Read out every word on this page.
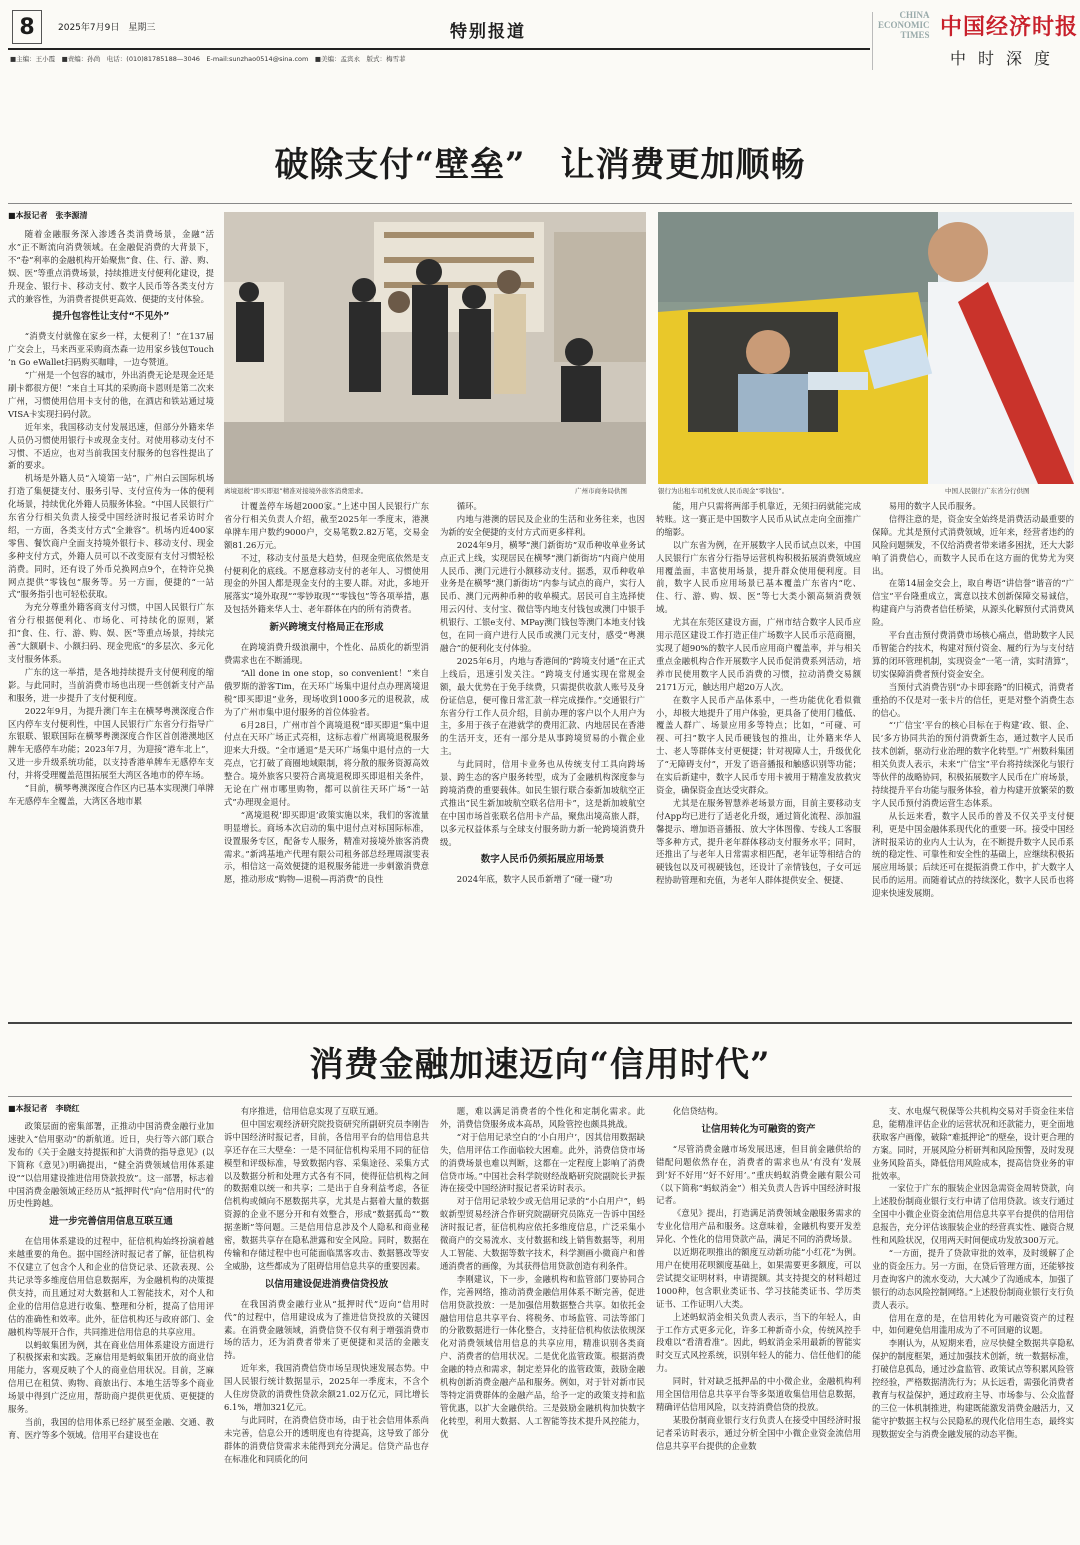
8	2025年7月9日　星期三	特别报道
■主编：王小霞　■责编：孙尚　电话：(010)81785188—3046　E-mail:sunzhao0514@sina.com　■美编：孟宾永　版式：梅雪菲
CHINA
ECONOMIC
TIMES 中国经济时报
中时深度
破除支付“壁垒”　让消费更加顺畅
■本报记者　张李源清
离境退税“即买即退”精准对接境外旅客消费需求。	广州市商务局供图	银行为出租车司机发放人民币现金“零钱包”。	中国人民银行广东省分行供图

随着金融服务深入渗透各类消费场景，金融“活水”正不断流向消费领域。在金融促消费的大背景下，不“卷”利率的金融机构开始聚焦“食、住、行、游、购、娱、医”等重点消费场景，持续推进支付便利化建设，提升现金、银行卡、移动支付、数字人民币等各类支付方式的兼容性，为消费者提供更高效、便捷的支付体验。

提升包容性让支付“不见外”

“消费支付就像在家乡一样，太便利了！”在137届广交会上，马来西亚采购商杰森一边用家乡钱包Touch ’n Go eWallet扫码购买咖啡，一边夸赞道。

“广州是一个包容的城市，外出消费无论是现金还是刷卡都很方便！”来自土耳其的采购商卡恩则是第二次来广州，习惯使用信用卡支付的他，在酒店和铁站通过境VISA卡实现扫码付款。

近年来，我国移动支付发展迅速，但部分外籍来华人员仍习惯使用银行卡或现金支付。对使用移动支付不习惯、不适应，也对当前我国支付服务的包容性提出了新的要求。

机场是外籍人员“入境第一站”，广州白云国际机场打造了集便捷支付、服务引导、支付宣传为一体的便利化场景，持续优化外籍人员服务体验。“中国人民银行广东省分行相关负责人接受中国经济时报记者采访时介绍，一方面，各类支付方式“全兼容”。机场内近400家零售、餐饮商户全面支持境外银行卡、移动支付、现金多种支付方式，外籍人员可以不改变原有支付习惯轻松消费。同时，还有设了外币兑换网点9个，在特许兑换网点提供“零钱包”服务等。另一方面，便捷的“一站式”服务指引也可轻松获取。

为充分尊重外籍客商支付习惯，中国人民银行广东省分行根据便利化、市场化、可持续化的原则，紧扣“食、住、行、游、购、娱、医”等重点场景，持续完善“大额刷卡、小额扫码、现金兜底”的多层次、多元化支付服务体系。

广东的这一举措，是各地持续提升支付便利度的缩影。与此同时，当前消费市场也出现一些创新支付产品和服务，进一步提升了支付便利度。

2022年9月，为提升澳门车主在横琴粤澳深度合作区内停车支付便利性，中国人民银行广东省分行指导广东银联、银联国际在横琴粤澳深度合作区首创港澳地区牌车无感停车功能；2023年7月，为迎接“港车北上”，又进一步升级系统功能，以支持香港单牌车无感停车支付，并将受理覆盖范围拓展至大湾区各地市的停车场。

“目前，横琴粤澳深度合作区内已基本实现澳门单牌车无感停车全覆盖，大湾区各地市累

计覆盖停车场超2000家。”上述中国人民银行广东省分行相关负责人介绍，截至2025年一季度末，港澳单牌车用户数约9000户，交易笔数2.82万笔，交易金额81.26万元。

不过，移动支付虽是大趋势，但现金兜底依然是支付便利化的底线。不愿意移动支付的老年人、习惯使用现金的外国人都是现金支付的主要人群。对此，多地开展落实“境外取现”“零钞取现”“零钱包”等各项举措，惠及包括外籍来华人士、老年群体在内的所有消费者。

新兴跨境支付格局正在形成

在跨境消费升级浪潮中，个性化、品质化的新型消费需求也在不断涌现。

“All done in one stop，so convenient！”来自俄罗斯的游客Tim，在天环广场集中退付点办理离境退税“即买即退”业务，现场收到1000多元的退税款，成为了广州市集中退付服务的首位体验者。

6月28日，广州市首个离境退税“即买即退”集中退付点在天环广场正式亮相，这标志着广州离境退税服务迎来大升级。“全市通退”是天环广场集中退付点的一大亮点，它打破了商圈地域限制，将分散的服务资源高效整合。境外旅客只要符合离境退税即买即退相关条件，无论在广州市哪里购物，都可以前往天环广场“一站式”办理现金退付。

“离境退税‘即买即退’政策实施以来，我们的客流量明显增长。商场本次启动的集中退付点对标国际标准，设置服务专区，配备专人服务，精准对接境外旅客消费需求。”新鸿基地产代理有限公司租务部总经理周淑雯表示，相信这一高效便捷的退税服务能进一步刺激消费意愿，推动形成“购物—退税—再消费”的良性

循环。

内地与港澳的居民及企业的生活和业务往来，也因为新的安全便捷的支付方式而更多样利。

2024年9月，横琴“澳门新街坊”双币种收单业务试点正式上线，实现居民在横琴“澳门新街坊”内商户使用人民币、澳门元进行小额移动支付。据悉，双币种收单业务是在横琴“澳门新街坊”内参与试点的商户，实行人民币、澳门元两种币种的收单模式。居民可自主选择使用云闪付、支付宝、微信等内地支付钱包或澳门中银手机银行、工银e支付、MPay澳门钱包等澳门本地支付钱包，在同一商户进行人民币或澳门元支付，感受“粤澳融合”的便利化支付体验。

2025年6月，内地与香港间的“跨境支付通”在正式上线后，迅速引发关注。“跨境支付通实现在常规金额，最大优势在于免手续费，只需提供收款人账号及身份证信息，便可像日常汇款一样完成操作。”交通银行广东省分行工作人员介绍，目前办理的客户以个人用户为主，多用于孩子在港就学的费用汇款、内地居民在香港的生活开支，还有一部分是从事跨境贸易的小微企业主。

与此同时，信用卡业务也从传统支付工具向跨场景、跨生态的客户服务转型，成为了金融机构深度参与跨境消费的重要载体。如民生银行联合泰新加坡航空正式推出“民生新加坡航空联名信用卡”，这是新加坡航空在中国市场首张联名信用卡产品，聚焦出境高旅人群，以多元权益体系与全球支付服务助力新一轮跨境消费升级。

数字人民币仍须拓展应用场景

2024年底，数字人民币新增了“碰一碰”功

能，用户只需将两部手机靠近，无须扫码就能完成转账。这一赛正是中国数字人民币从试点走向全面推广的缩影。

以广东省为例，在开展数字人民币试点以来，中国人民银行广东省分行指导运营机构积极拓展消费领域应用覆盖面，丰富使用场景，提升群众使用便利度。目前，数字人民币应用场景已基本覆盖广东省内“吃、住、行、游、购、娱、医”等七大类小额高频消费领域。

尤其在东莞区建设方面，广州市结合数字人民币应用示范区建设工作打造正佳广场数字人民币示范商圈，实现了超90%的数字人民币应用商户覆盖率，并与相关重点金融机构合作开展数字人民币促消费系列活动，培养市民使用数字人民币消费的习惯，拉动消费交易额2171万元，触达用户超20万人次。

在数字人民币产品体系中，一些功能优化看似微小，却极大地提升了用户体验，更具备了使用门槛低、覆盖人群广、场景应用多等特点；比如，“可碰、可视、可扫”数字人民币硬钱包的推出，让外籍来华人士、老人等群体支付更便捷；针对视障人士，升级优化了“无障碍支付”，开发了语音播报和触感识别等功能；在实后新建中，数字人民币专用卡被用于精准发放救灾资金，确保资金直达受灾群众。

尤其是在服务智慧养老场景方面，目前主要移动支付App均已进行了适老化升级，通过简化流程、添加温馨提示、增加语音播报、放大字体图像、专线人工客服等多种方式，提升老年群体移动支付服务水平；同时，还推出了与老年人日常需求相匹配，老年证等相结合的硬钱包以及可视硬钱包，还设计了亲情钱包，子女可远程协助管理和充值，为老年人群体提供安全、便捷、

易用的数字人民币服务。

信得注意的是，资金安全始终是消费活动最重要的保障。尤其是预付式消费领域，近年来，经营者违约的风险问题频发，不仅给消费者带来诸多困扰，还大大影响了消费信心，而数字人民币在这方面的优势尤为突出。

在第14届金交会上，取自粤语“讲信誉”谐音的“广信宝”平台隆重成立，寓意以技术创新保障交易诚信，构建商户与消费者信任桥梁，从源头化解预付式消费风险。

平台直击预付费消费市场核心痛点，借助数字人民币智能合约技术，构建对预付资金、履约行为与支付结算的闭环管理机制，实现资金“一笔一清，实时清算”，切实保障消费者预付资金安全。

当预付式消费告别“办卡即套路”的旧模式，消费者重拾的不仅是对一张卡片的信任，更是对整个消费生态的信心。

“‘广信宝’平台的核心目标在于构建‘政、银、企、民’多方协同共治的预付消费新生态，通过数字人民币技术创新，驱动行业治理的数字化转型。”广州数科集团相关负责人表示，未来“广信宝”平台将持续深化与银行等伙伴的战略协同，积极拓展数字人民币在广府场景，持续提升平台功能与服务体验，着力构建开放繁荣的数字人民币预付消费运营生态体系。

从长远来看，数字人民币的普及不仅关乎支付便利，更是中国金融体系现代化的重要一环。接受中国经济时报采访的业内人士认为，在不断提升数字人民币系统的稳定性、可靠性和安全性的基础上，应继续积极拓展应用场景；后续还可在提振消费工作中，扩大数字人民币的运用。而随着试点的持续深化，数字人民币也将迎来快速发展期。

消费金融加速迈向“信用时代”
■本报记者　李晓红

政策层面的密集部署，正推动中国消费金融行业加速驶入“信用驱动”的新航道。近日，央行等六部门联合发布的《关于金融支持提振和扩大消费的指导意见》(以下简称《意见》)明确提出，“健全消费领域信用体系建设”“以信用建设推进信用贷款投放”。这一部署，标志着中国消费金融领域正经历从“抵押时代”向“信用时代”的历史性跨越。

进一步完善信用信息互联互通

在信用体系建设的过程中，征信机构始终扮演着越来越重要的角色。据中国经济时报记者了解，征信机构不仅建立了包含个人和企业的信贷记录、还款表现、公共记录等多维度信用信息数据库，为金融机构的决策提供支持，而且通过对大数据和人工智能技术，对个人和企业的信用信息进行收集、整理和分析，提高了信用评估的准确性和效率。此外，征信机构还与政府部门、金融机构等展开合作，共同推进信用信息的共享应用。

以蚂蚁集团为例，其在商业信用体系建设方面进行了积极探索和实践。芝麻信用是蚂蚁集团开放的商业信用能力，客观反映了个人的商业信用状况。目前，芝麻信用已在租赁、购物、商旅出行、本地生活等多个商业场景中得到广泛应用，帮助商户提供更优质、更便捷的服务。

当前，我国的信用体系已经扩展至金融、交通、教育、医疗等多个领域。信用平台建设也在

有序推进，信用信息实现了互联互通。

但中国宏观经济研究院投资研究所副研究员李刚告诉中国经济时报记者，目前，各信用平台的信用信息共享还存在三大壁垒：一是不同征信机构采用不同的征信模型和评级标准，导致数据内容、采集途径、采集方式以及数据分析和处理方式各有不同，使得征信机构之间的数据难以统一和共享；二是出于自身利益考虑，各征信机构或倾向不愿数据共享，尤其是占据着大量的数据资源的企业不愿分开和有效整合，形成“数据孤岛”“数据垄断”等问题。三是信用信息涉及个人隐私和商业秘密，数据共享存在隐私泄露和安全风险。同时，数据在传输和存储过程中也可能面临黑客攻击、数据篡改等安全威胁，这些都成为了阻碍信用信息共享的重要因素。

以信用建设促进消费信贷投放

在我国消费金融行业从“抵押时代”迈向“信用时代”的过程中，信用建设成为了推进信贷投放的关键因素。在消费金融领域，消费信贷不仅有利于增强消费市场的活力，还为消费者带来了更便捷和灵活的金融支持。

近年来，我国消费信贷市场呈现快速发展态势。中国人民银行统计数据显示，2025年一季度末，不含个人住房贷款的消费性贷款余额21.02万亿元，同比增长6.1%，增加321亿元。

与此同时，在消费信贷市场，由于社会信用体系尚未完善，信息公开的透明度也有待提高，这导致了部分群体的消费信贷需求未能得到充分满足。信贷产品也存在标准化和同质化的问

题，难以满足消费者的个性化和定制化需求。此外，消费信贷服务成本高昂，风险管控也颇具挑战。

“对于信用记录空白的‘小白用户’，因其信用数据缺失，信用评估工作面临较大困难。此外，消费信贷市场的消费场景也难以判断，这都在一定程度上影响了消费信贷市场。”中国社会科学院财经战略研究院副院长尹振涛在接受中国经济时报记者采访时表示。

对于信用记录较少或无信用记录的“小白用户”，蚂蚁新型贸易经济合作研究院副研究员陈克一告诉中国经济时报记者，征信机构应依托多维度信息，广泛采集小微商户的交易流水、支付数据和线上销售数据等，利用人工智能、大数据等数字技术，科学测画小微商户和普通消费者的画像，为其获得信用贷款创造有利条件。

李刚建议，下一步，金融机构和监管部门要协同合作，完善网络，推动消费金融信用体系不断完善，促进信用贷款投放：一是加强信用数据整合共享。如依托金融信用信息共享平台、将税务、市场监管、司法等部门的分散数据进行一体化整合，支持征信机构依法依规深化对消费领域信用信息的共享应用，精准识别各类商户、消费者的信用状况。二是优化监管政策。根据消费金融的特点和需求，制定差异化的监管政策，鼓励金融机构创新消费金融产品和服务。例如，对于针对新市民等特定消费群体的金融产品，给予一定的政策支持和监管优惠，以扩大金融供给。三是鼓励金融机构加快数字化转型，利用大数据、人工智能等技术提升风控能力，优

化信贷结构。

让信用转化为可融资的资产

“尽管消费金融市场发展迅速，但目前金融供给的错配问题依然存在，消费者的需求也从‘有没有’发展到‘好不好用’‘好不好用’。”重庆蚂蚁消费金融有限公司（以下简称“蚂蚁消金”）相关负责人告诉中国经济时报记者。

《意见》提出，打造满足消费领域金融服务需求的专业化信用产品和服务。这意味着，金融机构要开发差异化、个性化的信用贷款产品，满足不同的消费场景。

以近期花呗推出的额度互动新功能“小红花”为例。用户在使用花呗额度基础上，如果需要更多额度，可以尝试提交证明材料，申请提额。其支持提交的材料超过1000种，包含职业类证书、学习技能类证书、学历类证书、工作证明八大类。

上述蚂蚁消金相关负责人表示，当下的年轻人，由于工作方式更多元化，许多工种新奇小众，传统风控手段难以“看清看准”。因此，蚂蚁消金采用最新的智能实时交互式风控系统，识别年轻人的能力、信任他们的能力。

同时，针对缺乏抵押品的中小微企业，金融机构利用全国信用信息共享平台等多渠道收集信用信息数据，精确评估信用风险，以支持消费信贷的投放。

某股份制商业银行支行负责人在接受中国经济时报记者采访时表示，通过分析全国中小微企业资金流信用信息共享平台提供的企业数

支、水电煤气税保等公共机构交易对手资金往来信息，能精准评估企业的运营状况和还款能力，更全面地获取客户画像，破除“难抵押论”的壁垒，设计更合理的方案。同时，开展风险分析研判和风险预警，及时发现业务风险苗头，降低信用风险成本，提高信贷业务的审批效率。

一家位于广东的服装企业因急需资金周转贷款，向上述股份制商业银行支行申请了信用贷款。该支行通过全国中小微企业资金流信用信息共享平台提供的信用信息报告，充分评估该服装企业的经营真实性、融资合规性和风险状况，仅用两天时间便成功发放300万元。

“一方面，提升了贷款审批的效率，及时缓解了企业的资金压力。另一方面，在贷后管理方面，还能够按月查询客户的流水变动，大大减少了沟通成本，加强了银行的动态风险控制网络。”上述股份制商业银行支行负责人表示。

信用在意的是，在信用转化为可融资资产的过程中，如何避免信用滥用成为了不可回避的议题。

李刚认为，从短期来看，应尽快健全数据共享隐私保护的制度框架，通过加强技术创新，统一数据标准，打破信息孤岛，通过沙盒监管、政策试点等积累风险管控经验，严格数据清洗行为；从长远看，需强化消费者教育与权益保护，通过政府主导、市场参与、公众监督的三位一体机制推进，构建既能激发消费金融活力，又能守护数据主权与公民隐私的现代化信用生态，最终实现数据安全与消费金融发展的动态平衡。
